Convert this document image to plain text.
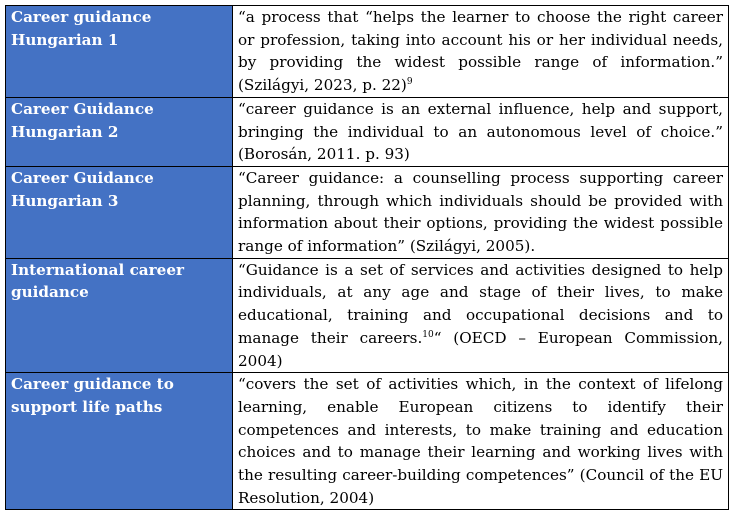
Career guidance Hungarian 1	“a process that “helps the learner to choose the right career or profession, taking into account his or her individual needs, by providing the widest possible range of information.” (Szilágyi, 2023, p. 22)$^9$
Career Guidance Hungarian 2	“career guidance is an external influence, help and support, bringing the individual to an autonomous level of choice.” (Borosán, 2011. p. 93)
Career Guidance Hungarian 3	“Career guidance: a counselling process supporting career planning, through which individuals should be provided with information about their options, providing the widest possible range of information” (Szilágyi, 2005).
International career guidance	“Guidance is a set of services and activities designed to help individuals, at any age and stage of their lives, to make educational, training and occupational decisions and to manage their careers.$^{10}$“ (OECD – European Commission, 2004)
Career guidance to support life paths	“covers the set of activities which, in the context of lifelong learning, enable European citizens to identify their competences and interests, to make training and education choices and to manage their learning and working lives with the resulting career-building competences” (Council of the EU Resolution, 2004)
